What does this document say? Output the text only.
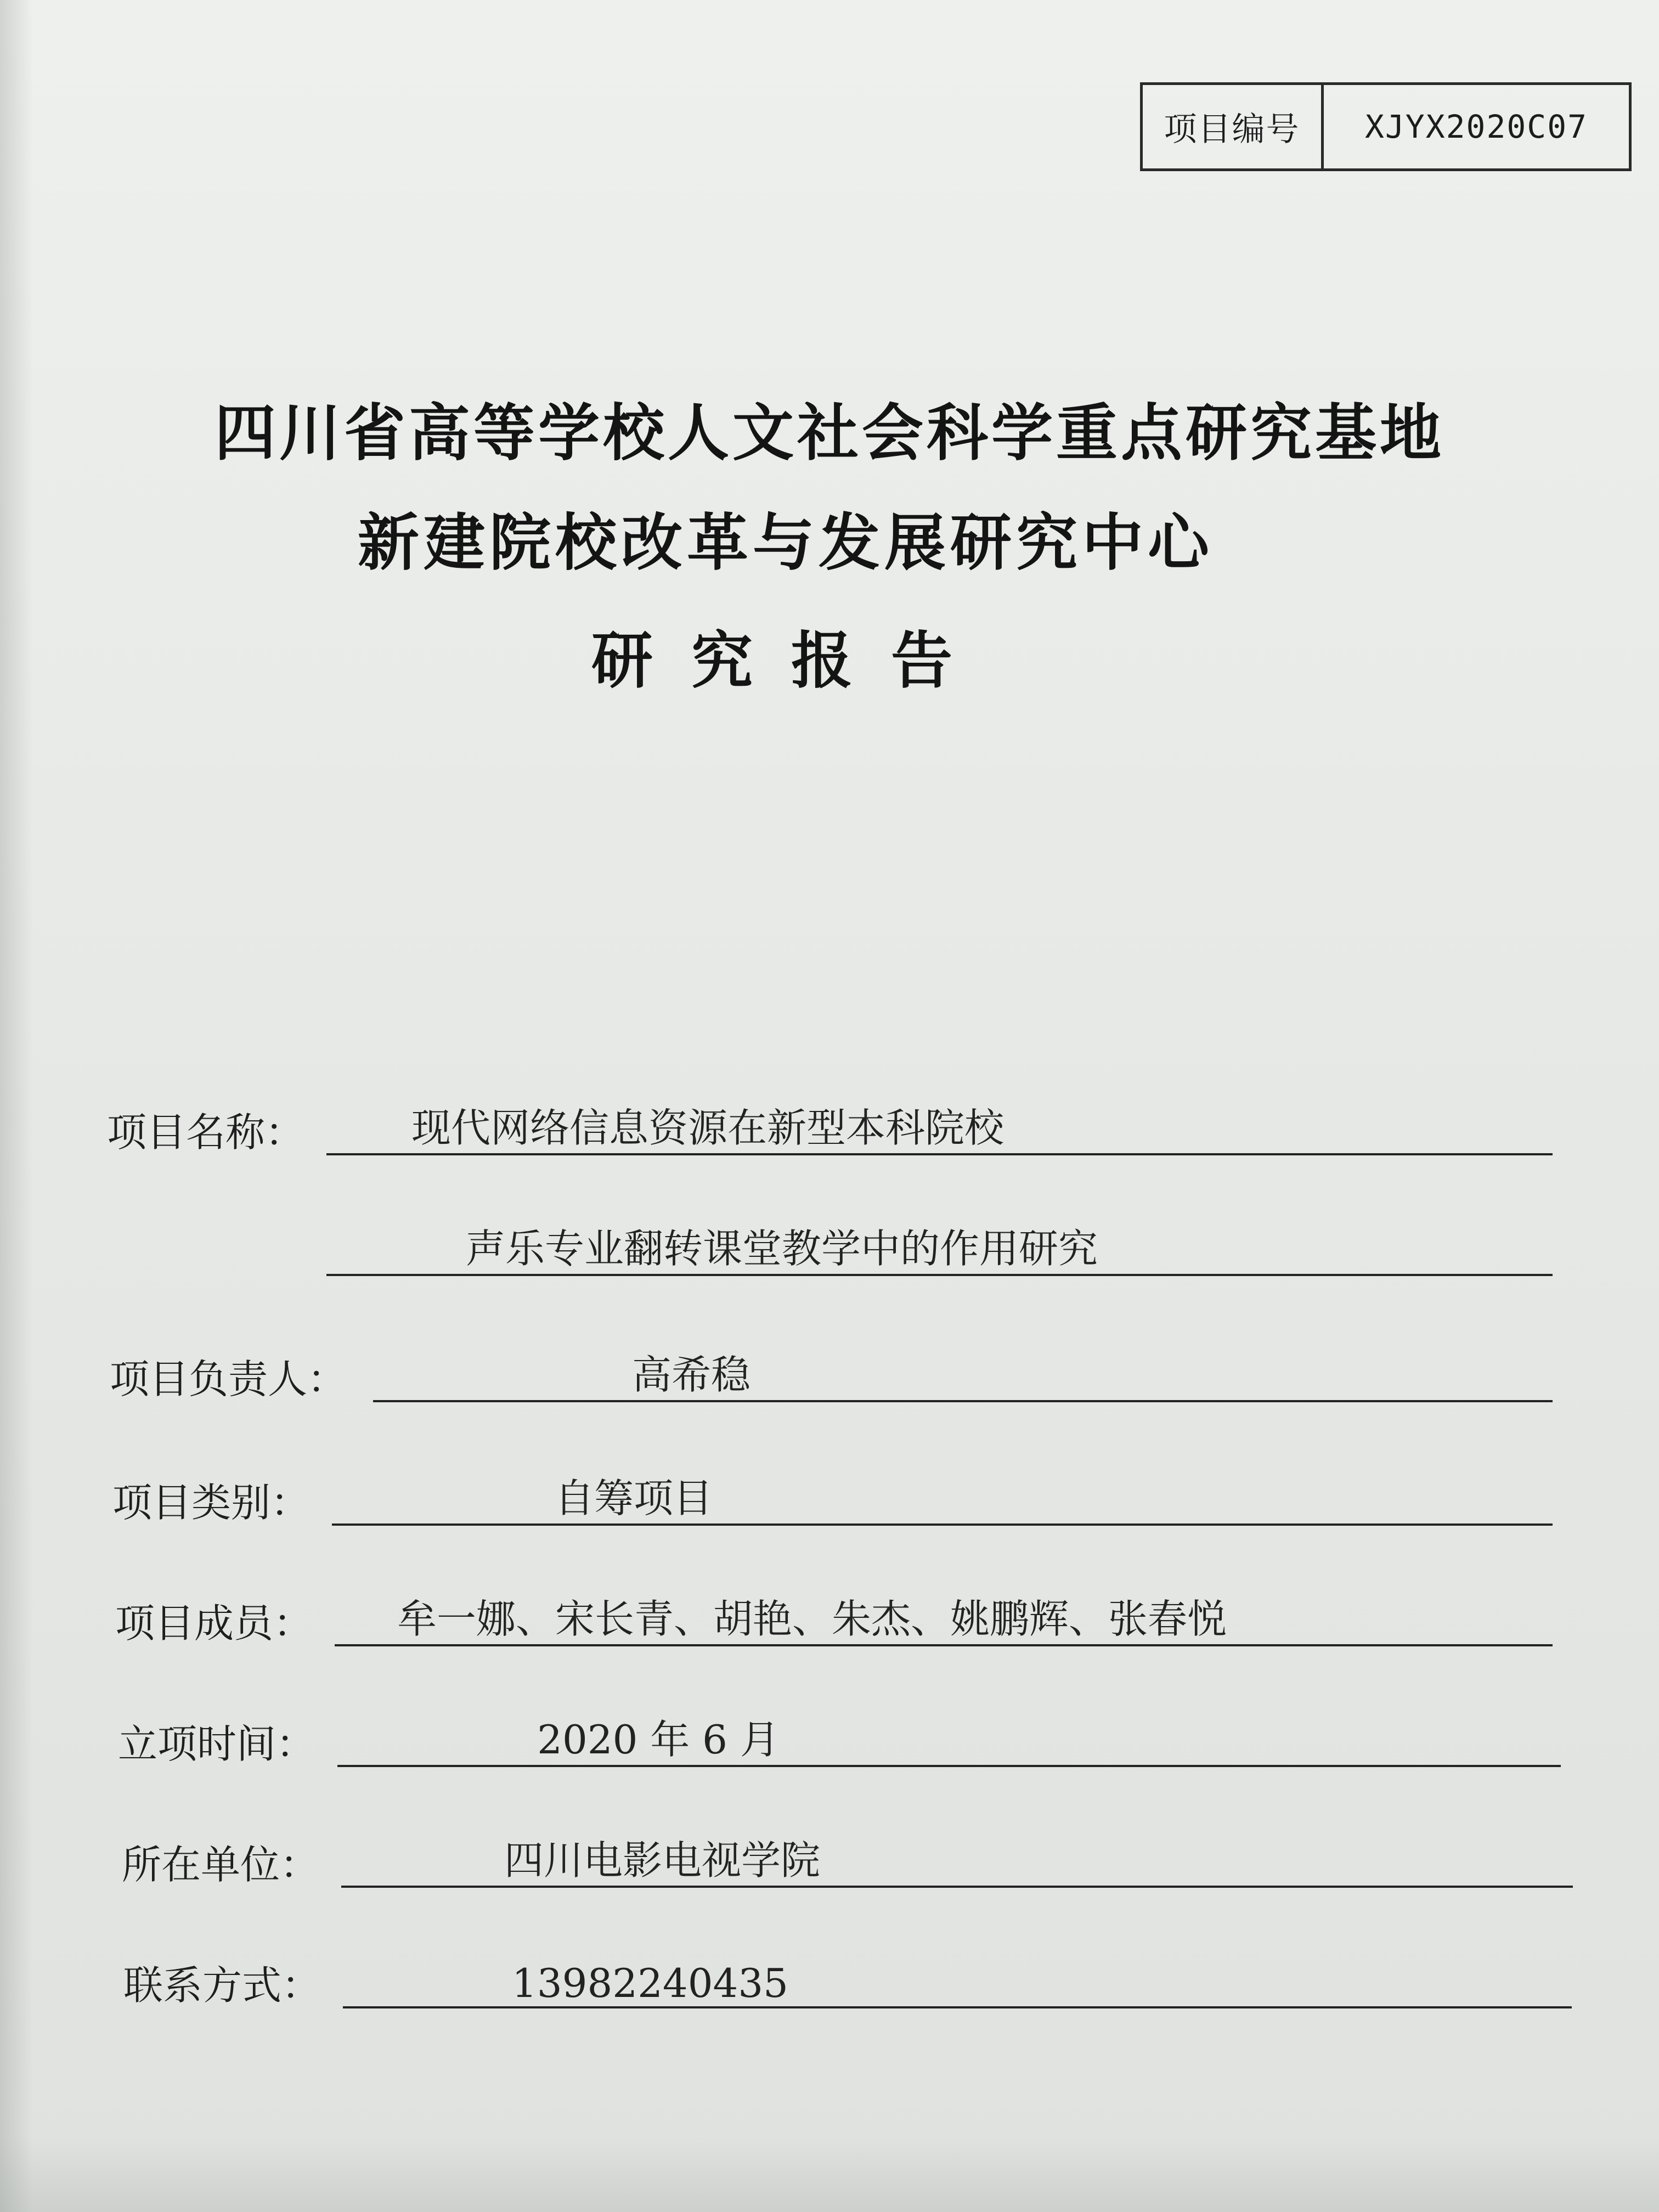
项目编号	XJYX2020C07
四川省高等学校人文社会科学重点研究基地
新建院校改革与发展研究中心
研究报告
项目名称：	现代网络信息资源在新型本科院校
声乐专业翻转课堂教学中的作用研究
项目负责人：	高希稳
项目类别：	自筹项目
项目成员：	牟一娜、宋长青、胡艳、朱杰、姚鹏辉、张春悦
立项时间：	2020 年 6 月
所在单位：	四川电影电视学院
联系方式：	13982240435
